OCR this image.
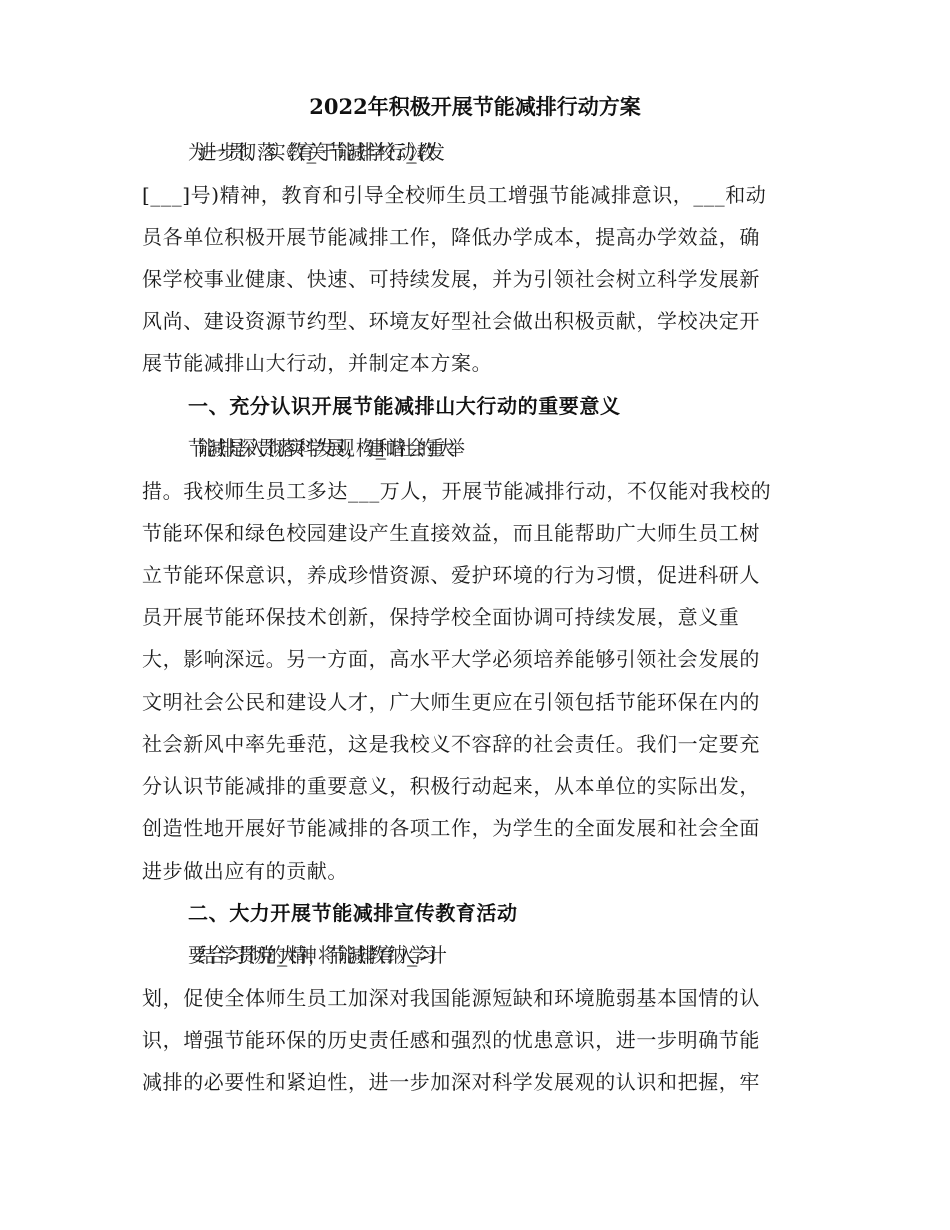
2022年积极开展节能减排行动方案

为进一步贯彻、落实《教育__关于节能减排学校行动___》(教发

[___]号)精神，教育和引导全校师生员工增强节能减排意识，___和动

员各单位积极开展节能减排工作，降低办学成本，提高办学效益，确

保学校事业健康、快速、可持续发展，并为引领社会树立科学发展新

风尚、建设资源节约型、环境友好型社会做出积极贡献，学校决定开

展节能减排山大行动，并制定本方案。

一、充分认识开展节能减排山大行动的重要意义

节能减排是深入贯彻落实科学发展观，构建___和谐社会的重大举

措。我校师生员工多达___万人，开展节能减排行动，不仅能对我校的

节能环保和绿色校园建设产生直接效益，而且能帮助广大师生员工树

立节能环保意识，养成珍惜资源、爱护环境的行为习惯，促进科研人

员开展节能环保技术创新，保持学校全面协调可持续发展，意义重

大，影响深远。另一方面，高水平大学必须培养能够引领社会发展的

文明社会公民和建设人才，广大师生更应在引领包括节能环保在内的

社会新风中率先垂范，这是我校义不容辞的社会责任。我们一定要充

分认识节能减排的重要意义，积极行动起来，从本单位的实际出发，

创造性地开展好节能减排的各项工作，为学生的全面发展和社会全面

进步做出应有的贡献。

二、大力开展节能减排宣传教育活动

要结合学习贯彻党的___大精神，将节能减排教育纳入___学习计

划，促使全体师生员工加深对我国能源短缺和环境脆弱基本国情的认

识，增强节能环保的历史责任感和强烈的忧患意识，进一步明确节能

减排的必要性和紧迫性，进一步加深对科学发展观的认识和把握，牢
